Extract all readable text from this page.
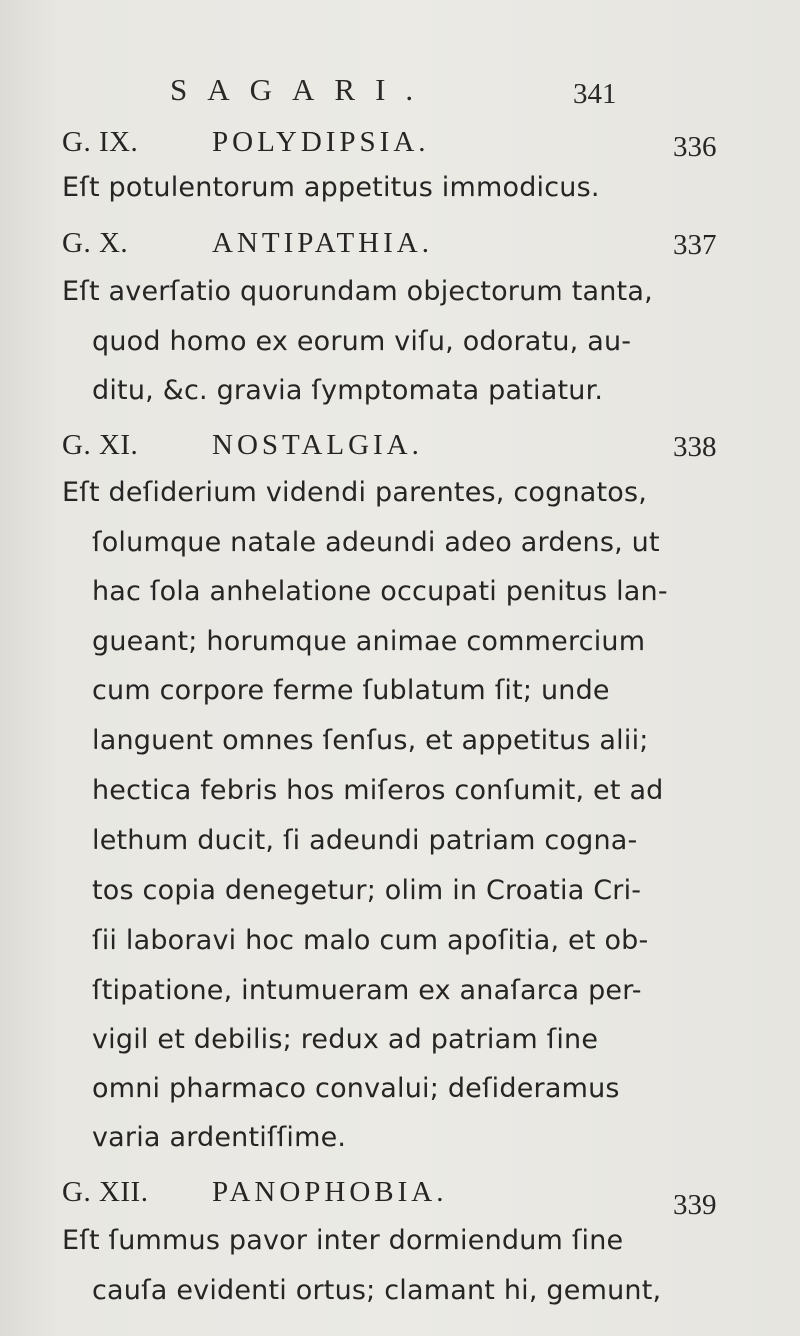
SAGARI.	341
G. IX.	POLYDIPSIA.	336
Eſt potulentorum appetitus immodicus.
G. X.	ANTIPATHIA.	337
Eſt averſatio quorundam objectorum tanta,
quod homo ex eorum viſu, odoratu, au-
ditu, &c. gravia ſymptomata patiatur.
G. XI.	NOSTALGIA.	338
Eſt deſiderium videndi parentes, cognatos,
ſolumque natale adeundi adeo ardens, ut
hac ſola anhelatione occupati penitus lan-
gueant; horumque animae commercium
cum corpore ferme ſublatum ſit; unde
languent omnes ſenſus, et appetitus alii;
hectica febris hos miſeros conſumit, et ad
lethum ducit, ſi adeundi patriam cogna-
tos copia denegetur; olim in Croatia Cri-
ſii laboravi hoc malo cum apoſitia, et ob-
ſtipatione, intumueram ex anaſarca per-
vigil et debilis; redux ad patriam ſine
omni pharmaco convalui; deſideramus
varia ardentiſſime.
G. XII. PANOPHOBIA.	339
Eſt ſummus pavor inter dormiendum ſine
cauſa evidenti ortus; clamant hi, gemunt,
